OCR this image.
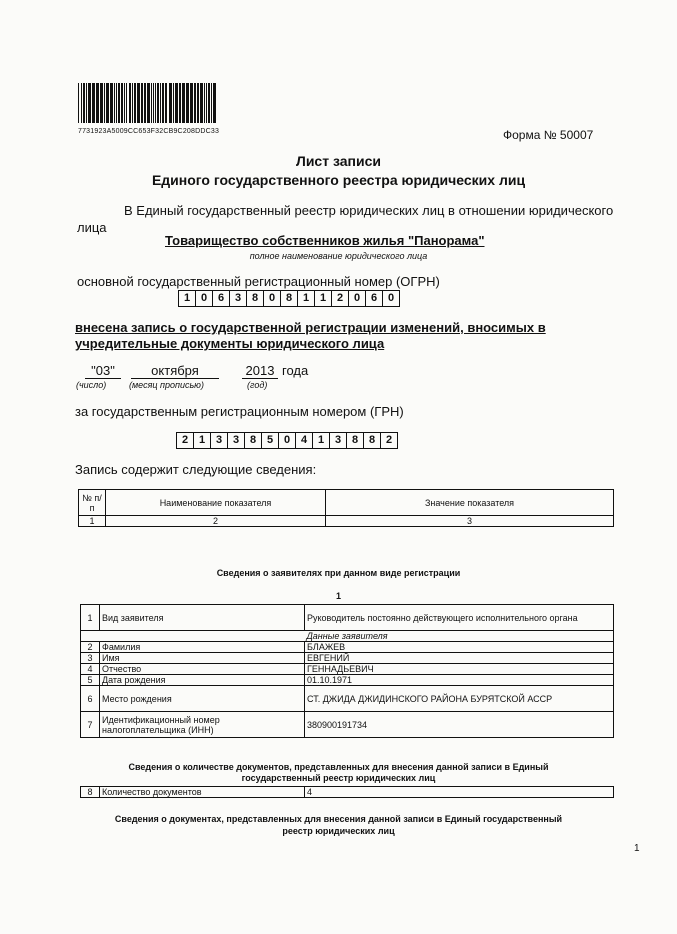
7731923A5009CC653F32CB9C208DDC33	Форма № 50007
Лист записи
Единого государственного реестра юридических лиц
В Единый государственный реестр юридических лиц в отношении юридического
лица
Товарищество собственников жилья "Панорама"
полное наименование юридического лица
основной государственный регистрационный номер (ОГРН)
1 0 6 3 8 0 8 1 1 2 0 6 0
внесена запись о государственной регистрации изменений, вносимых в
учредительные документы юридического лица
"03"	октября	2013 года
(число)	(месяц прописью)	(год)
за государственным регистрационным номером (ГРН)
2 1 3 3 8 5 0 4 1 3 8 8 2
Запись содержит следующие сведения:
№ п/п	Наименование показателя	Значение показателя
1	2	3
Сведения о заявителях при данном виде регистрации
1
1	Вид заявителя	Руководитель постоянно действующего исполнительного органа
Данные заявителя		
2	Фамилия	БЛАЖЕВ
3	Имя	ЕВГЕНИЙ
4	Отчество	ГЕННАДЬЕВИЧ
5	Дата рождения	01.10.1971
6	Место рождения	СТ. ДЖИДА ДЖИДИНСКОГО РАЙОНА БУРЯТСКОЙ АССР
7	Идентификационный номер налогоплательщика (ИНН)	380900191734
Сведения о количестве документов, представленных для внесения данной записи в Единый
государственный реестр юридических лиц
8	Количество документов	4
Сведения о документах, представленных для внесения данной записи в Единый государственный
реестр юридических лиц
1
